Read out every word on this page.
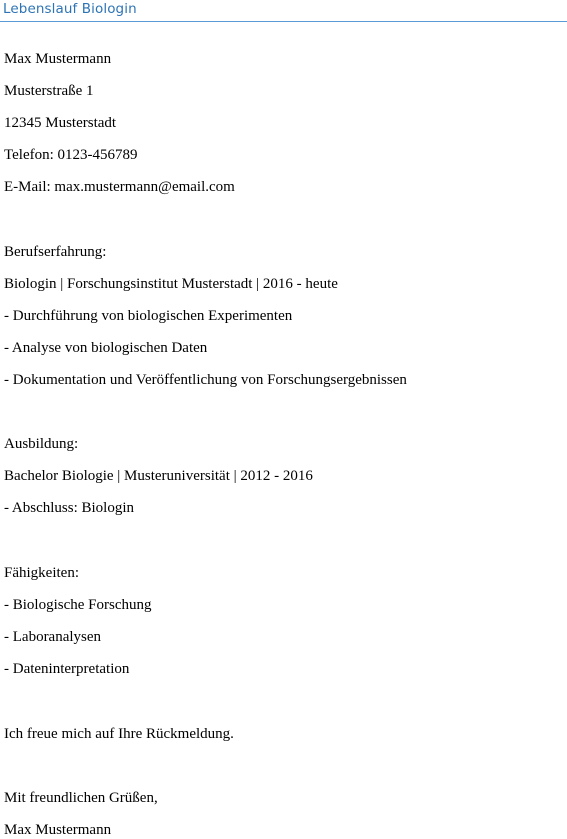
Lebenslauf Biologin
Max Mustermann
Musterstraße 1
12345 Musterstadt
Telefon: 0123-456789
E-Mail: max.mustermann@email.com
Berufserfahrung:
Biologin | Forschungsinstitut Musterstadt | 2016 - heute
- Durchführung von biologischen Experimenten
- Analyse von biologischen Daten
- Dokumentation und Veröffentlichung von Forschungsergebnissen
Ausbildung:
Bachelor Biologie | Musteruniversität | 2012 - 2016
- Abschluss: Biologin
Fähigkeiten:
- Biologische Forschung
- Laboranalysen
- Dateninterpretation
Ich freue mich auf Ihre Rückmeldung.
Mit freundlichen Grüßen,
Max Mustermann
